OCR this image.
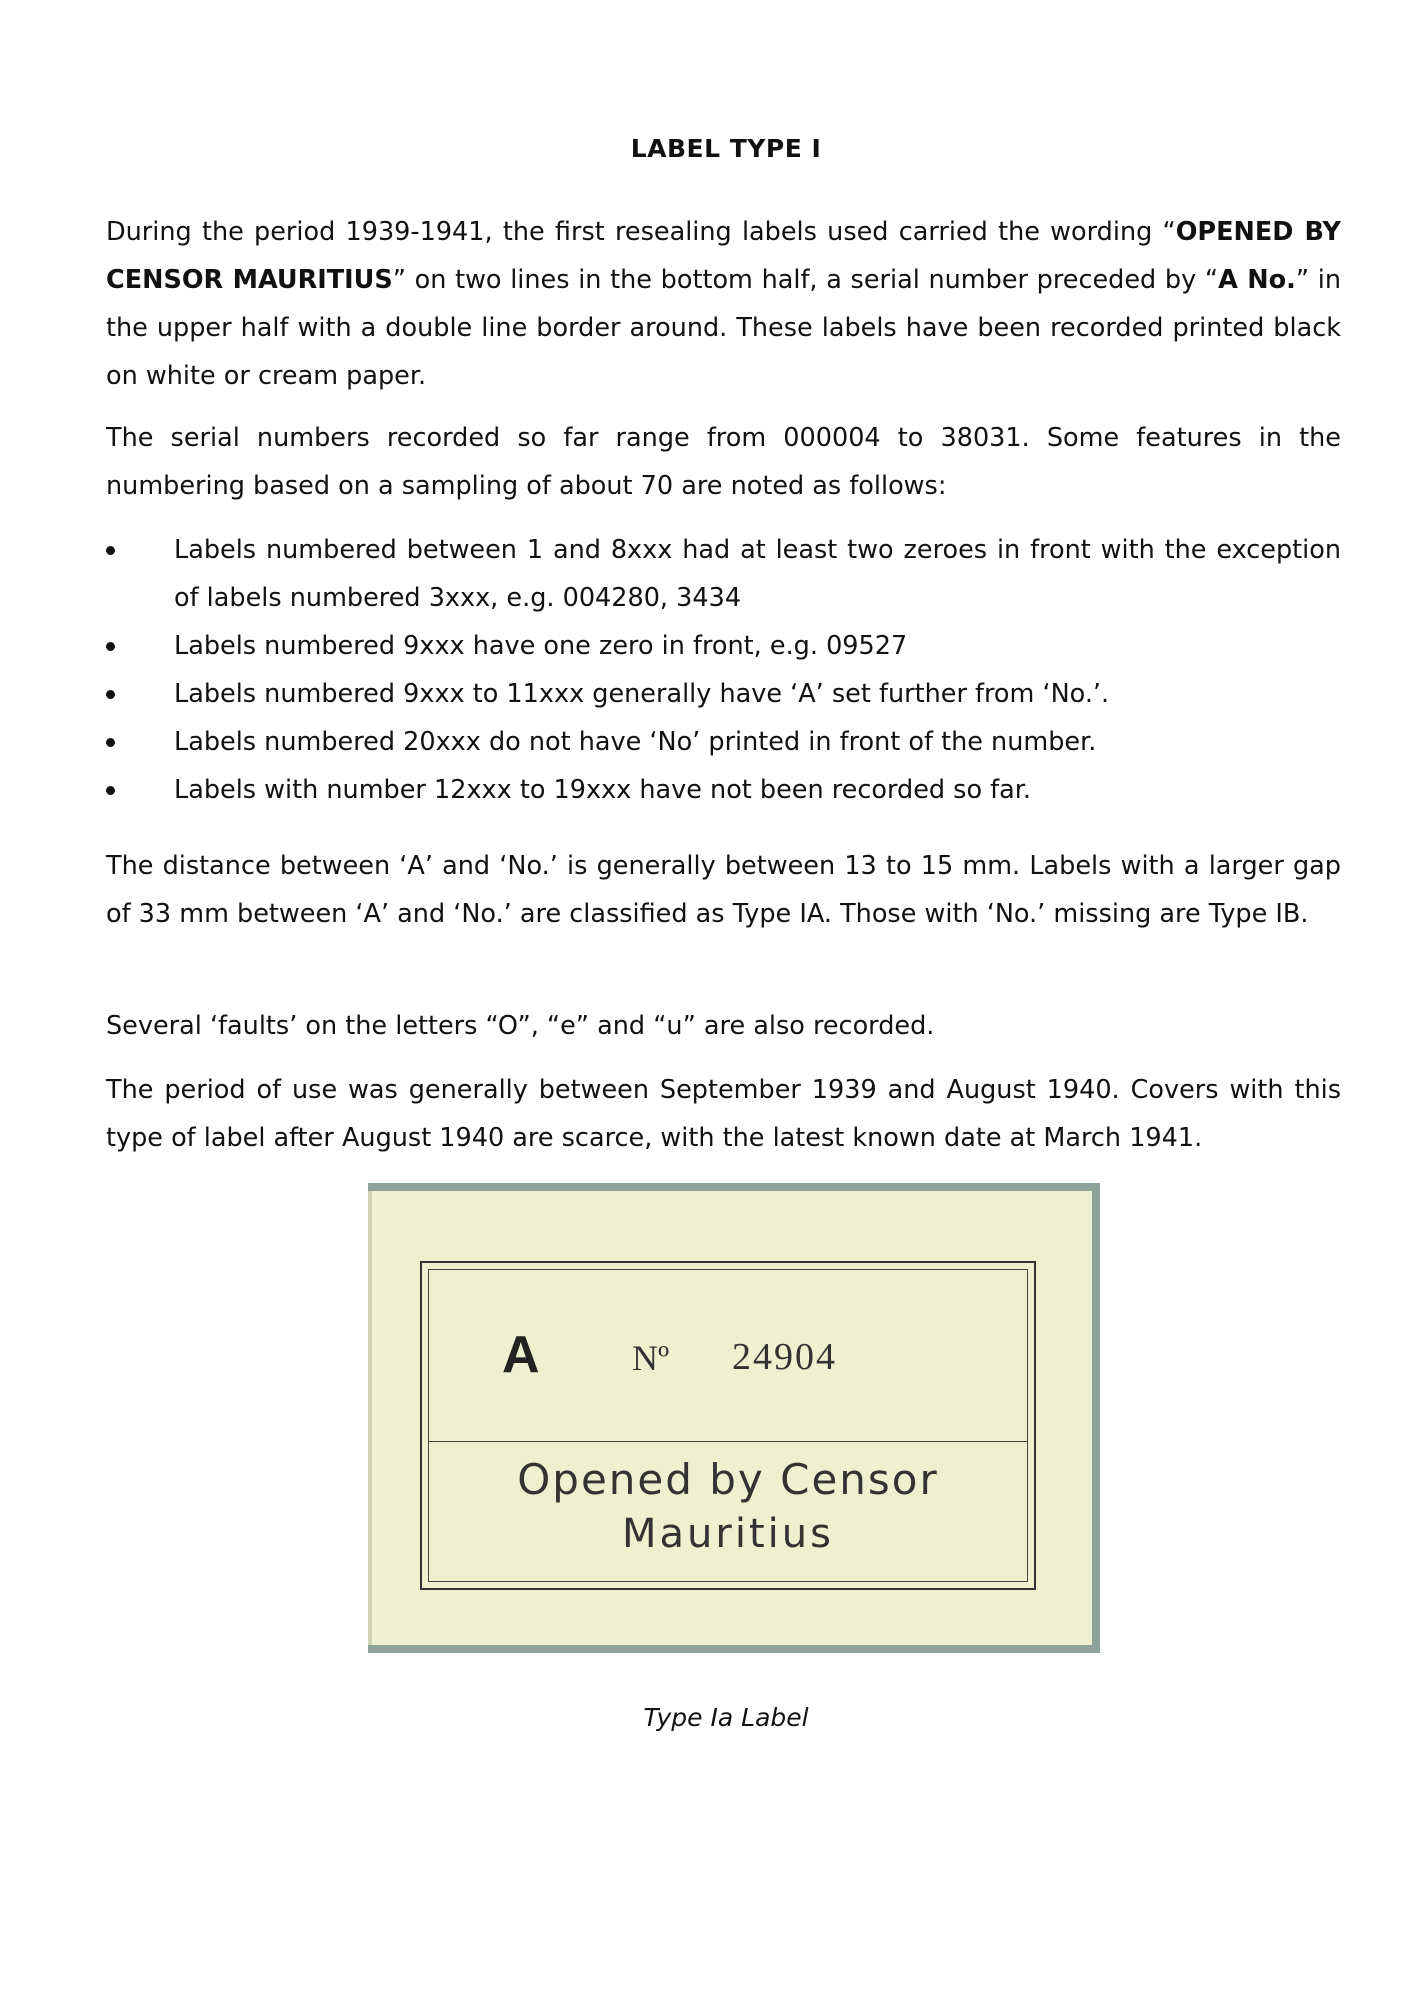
LABEL TYPE I
During the period 1939-1941, the first resealing labels used carried the wording “OPENED BY CENSOR MAURITIUS” on two lines in the bottom half, a serial number preceded by “A No.” in the upper half with a double line border around. These labels have been recorded printed black on white or cream paper.
The serial numbers recorded so far range from 000004 to 38031. Some features in the numbering based on a sampling of about 70 are noted as follows:
Labels numbered between 1 and 8xxx had at least two zeroes in front with the exception of labels numbered 3xxx, e.g. 004280, 3434
Labels numbered 9xxx have one zero in front, e.g. 09527
Labels numbered 9xxx to 11xxx generally have ‘A’ set further from ‘No.’.
Labels numbered 20xxx do not have ‘No’ printed in front of the number.
Labels with number 12xxx to 19xxx have not been recorded so far.
The distance between ‘A’ and ‘No.’ is generally between 13 to 15 mm. Labels with a larger gap of 33 mm between ‘A’ and ‘No.’ are classified as Type IA. Those with ‘No.’ missing are Type IB.
Several ‘faults’ on the letters “O”, “e” and “u” are also recorded.
The period of use was generally between September 1939 and August 1940. Covers with this type of label after August 1940 are scarce, with the latest known date at March 1941.
A	Nº 24904
Opened by Censor
Mauritius
Type Ia Label
